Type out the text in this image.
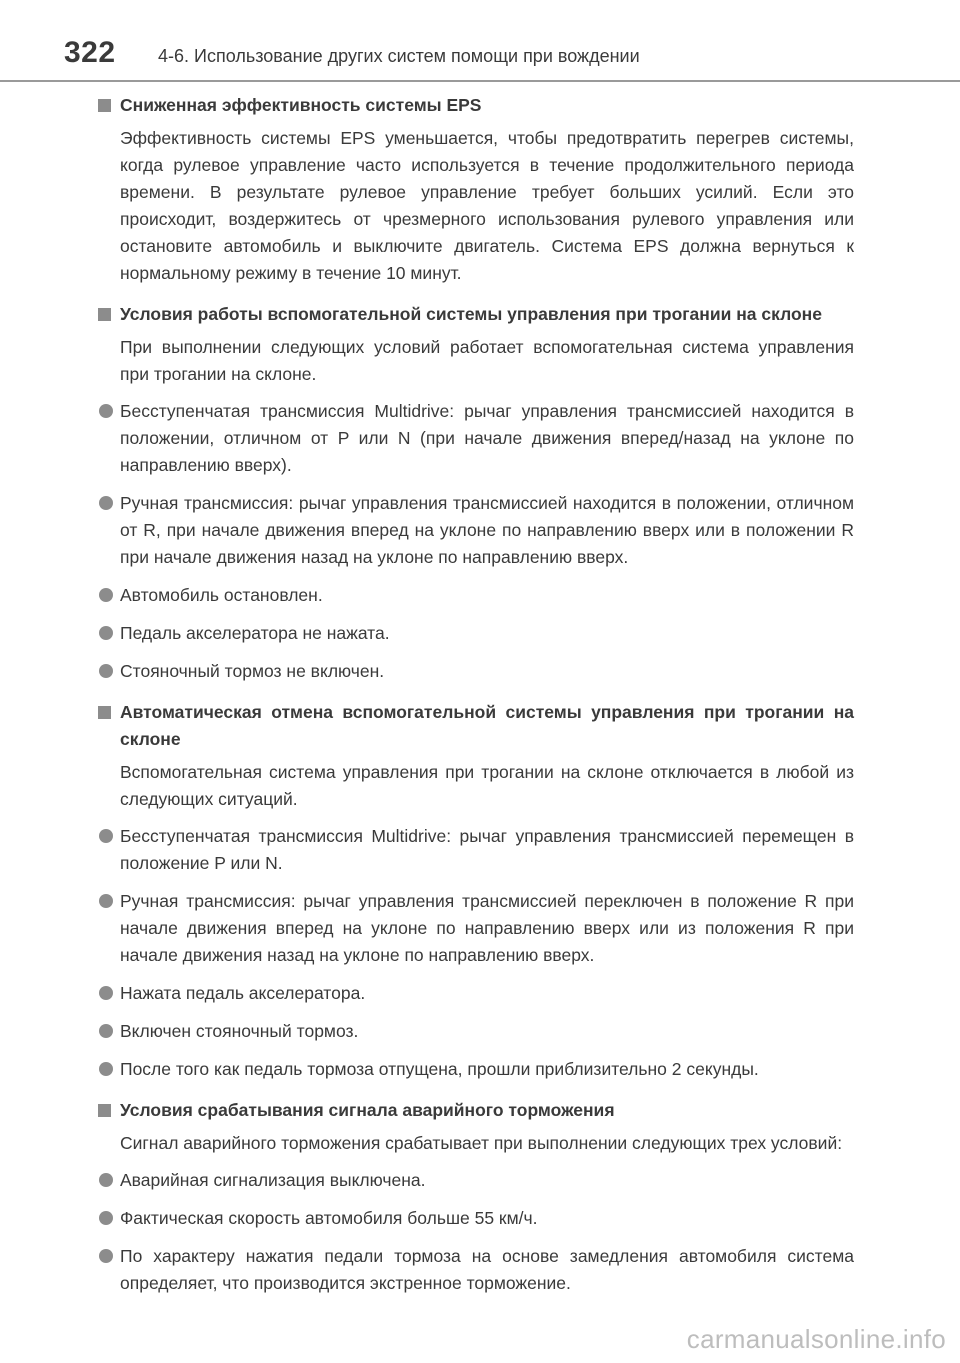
322 4-6. Использование других систем помощи при вождении
Сниженная эффективность системы EPS

Эффективность системы EPS уменьшается, чтобы предотвратить перегрев системы, когда рулевое управление часто используется в течение продолжительного периода времени. В результате рулевое управление требует больших усилий. Если это происходит, воздержитесь от чрезмерного использования рулевого управления или остановите автомобиль и выключите двигатель. Система EPS должна вернуться к нормальному режиму в течение 10 минут.

Условия работы вспомогательной системы управления при трогании на склоне

При выполнении следующих условий работает вспомогательная система управления при трогании на склоне.

Бесступенчатая трансмиссия Multidrive: рычаг управления трансмиссией находится в положении, отличном от P или N (при начале движения вперед/назад на уклоне по направлению вверх).
Ручная трансмиссия: рычаг управления трансмиссией находится в положении, отличном от R, при начале движения вперед на уклоне по направлению вверх или в положении R при начале движения назад на уклоне по направлению вверх.
Автомобиль остановлен.
Педаль акселератора не нажата.
Стояночный тормоз не включен.
Автоматическая отмена вспомогательной системы управления при трогании на склоне

Вспомогательная система управления при трогании на склоне отключается в любой из следующих ситуаций.

Бесступенчатая трансмиссия Multidrive: рычаг управления трансмиссией перемещен в положение P или N.
Ручная трансмиссия: рычаг управления трансмиссией переключен в положение R при начале движения вперед на уклоне по направлению вверх или из положения R при начале движения назад на уклоне по направлению вверх.
Нажата педаль акселератора.
Включен стояночный тормоз.
После того как педаль тормоза отпущена, прошли приблизительно 2 секунды.
Условия срабатывания сигнала аварийного торможения

Сигнал аварийного торможения срабатывает при выполнении следующих трех условий:

Аварийная сигнализация выключена.
Фактическая скорость автомобиля больше 55 км/ч.
По характеру нажатия педали тормоза на основе замедления автомобиля система определяет, что производится экстренное торможение.
carmanualsonline.info
